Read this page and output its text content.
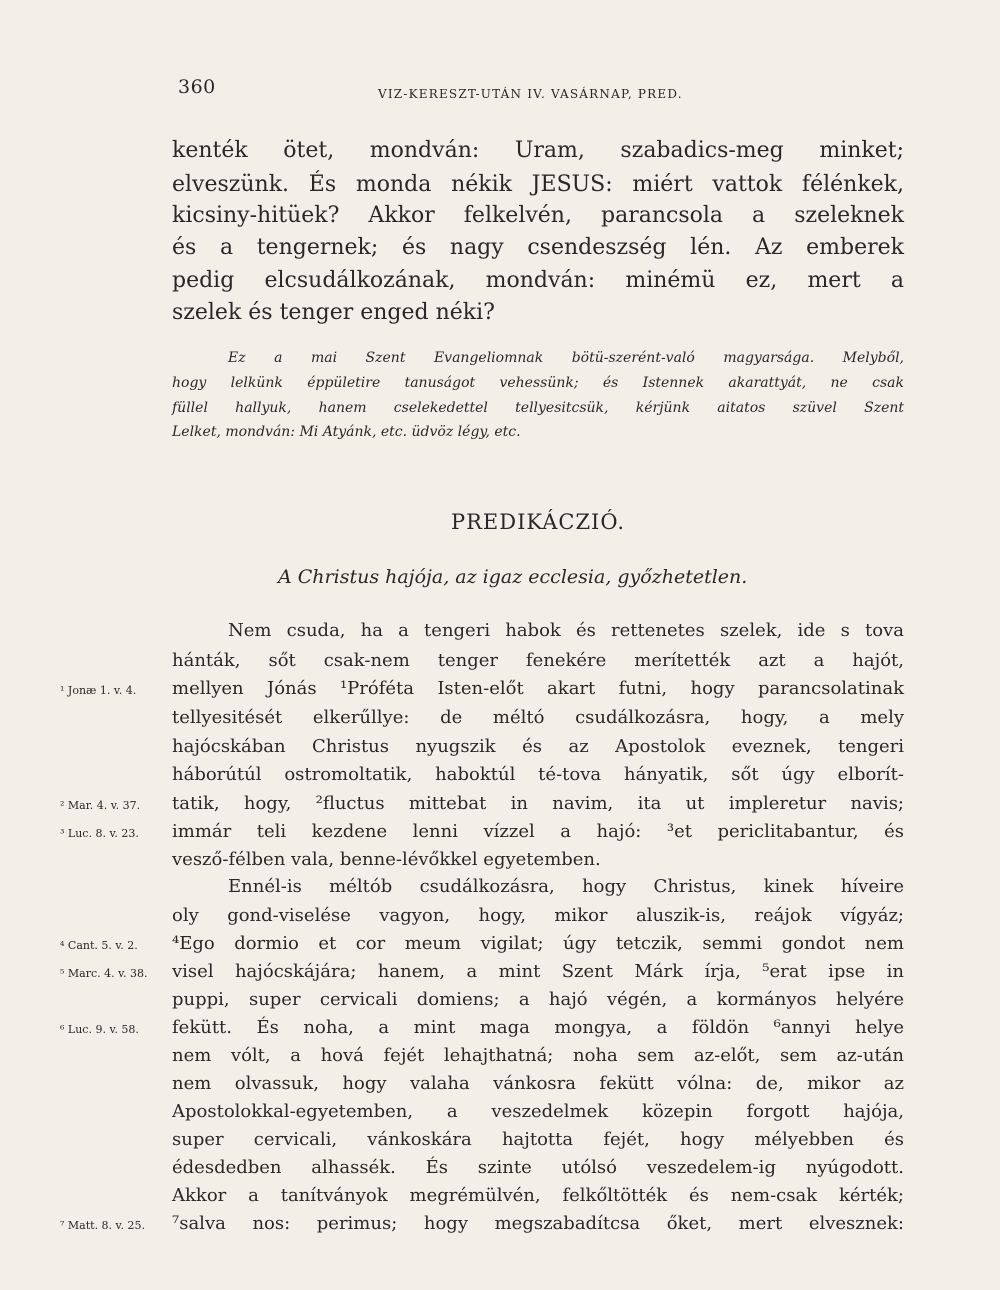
360	VIZ-KERESZT-UTÁN IV. VASÁRNAP, PRED.
kenték ötet, mondván: Uram, szabadics-meg minket;
elveszünk. És monda nékik JESUS: miért vattok félénkek,
kicsiny-hitüek? Akkor felkelvén, parancsola a szeleknek
és a tengernek; és nagy csendeszség lén. Az emberek
pedig elcsudálkozának, mondván: minémü ez, mert a
szelek és tenger enged néki?
Ez a mai Szent Evangeliomnak bötü-szerént-való magyarsága. Melyből,
hogy lelkünk éppületire tanuságot vehessünk; és Istennek akarattyát, ne csak
füllel hallyuk, hanem cselekedettel tellyesitcsük, kérjünk aitatos szüvel Szent
Lelket, mondván: Mi Atyánk, etc. üdvöz légy, etc.
PREDIKÁCZIÓ.
A Christus hajója, az igaz ecclesia, győzhetetlen.
Nem csuda, ha a tengeri habok és rettenetes szelek, ide s tova
hánták, sőt csak-nem tenger fenekére merítették azt a hajót,
mellyen Jónás ¹Próféta Isten-előt akart futni, hogy parancsolatinak
tellyesitését elkerűllye: de méltó csudálkozásra, hogy, a mely
hajócskában Christus nyugszik és az Apostolok eveznek, tengeri
háborútúl ostromoltatik, haboktúl té-tova hányatik, sőt úgy elborít-
tatik, hogy, ²fluctus mittebat in navim, ita ut impleretur navis;
immár teli kezdene lenni vízzel a hajó: ³et periclitabantur, és
vesző-félben vala, benne-lévőkkel egyetemben.
Ennél-is méltób csudálkozásra, hogy Christus, kinek híveire
oly gond-viselése vagyon, hogy, mikor aluszik-is, reájok vígyáz;
⁴Ego dormio et cor meum vigilat; úgy tetczik, semmi gondot nem
visel hajócskájára; hanem, a mint Szent Márk írja, ⁵erat ipse in
puppi, super cervicali domiens; a hajó végén, a kormányos helyére
fekütt. És noha, a mint maga mongya, a földön ⁶annyi helye
nem vólt, a hová fejét lehajthatná; noha sem az-előt, sem az-után
nem olvassuk, hogy valaha vánkosra fekütt vólna: de, mikor az
Apostolokkal-egyetemben, a veszedelmek közepin forgott hajója,
super cervicali, vánkoskára hajtotta fejét, hogy mélyebben és
édesdedben alhassék. És szinte utólsó veszedelem-ig nyúgodott.
Akkor a tanítványok megrémülvén, felkőltötték és nem-csak kérték;
⁷salva nos: perimus; hogy megszabadítcsa őket, mert elvesznek:
¹ Jonæ 1. v. 4.
² Mar. 4. v. 37.
³ Luc. 8. v. 23.
⁴ Cant. 5. v. 2.
⁵ Marc. 4. v. 38.
⁶ Luc. 9. v. 58.
⁷ Matt. 8. v. 25.
